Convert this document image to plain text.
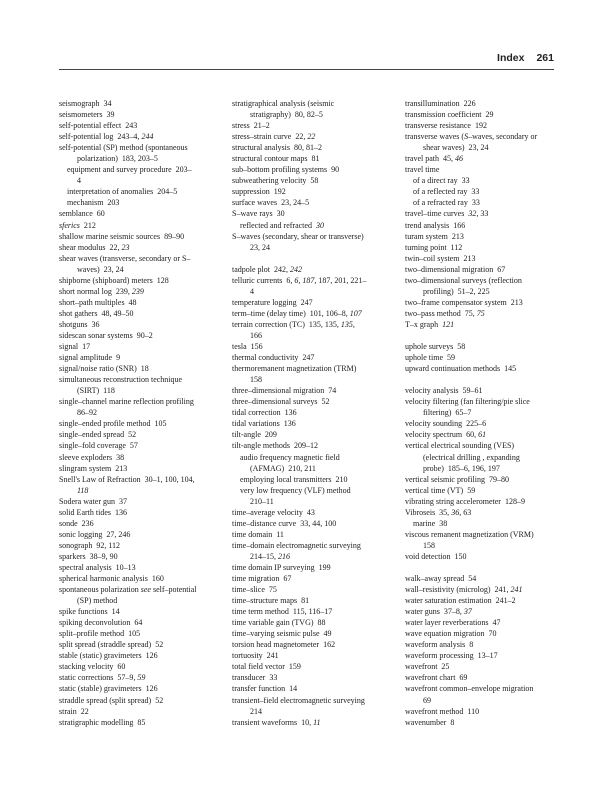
Index 261
seismograph  34
seismometers  39
self-potential effect  243
self-potential log  243–4, 244
self-potential (SP) method (spontaneous
polarization)  183, 203–5
equipment and survey procedure  203–
4
interpretation of anomalies  204–5
mechanism  203
semblance  60
sferics  212
shallow marine seismic sources  89–90
shear modulus  22, 23
shear waves (transverse, secondary or S–
waves)  23, 24
shipborne (shipboard) meters  128
short normal log  239, 239
short–path multiples  48
shot gathers  48, 49–50
shotguns  36
sidescan sonar systems  90–2
signal  17
signal amplitude  9
signal/noise ratio (SNR)  18
simultaneous reconstruction technique
(SIRT)  118
single–channel marine reflection profiling
86–92
single–ended profile method  105
single–ended spread  52
single–fold coverage  57
sleeve exploders  38
slingram system  213
Snell's Law of Refraction  30–1, 100, 104,
118
Sodera water gun  37
solid Earth tides  136
sonde  236
sonic logging  27, 246
sonograph  92, 112
sparkers  38–9, 90
spectral analysis  10–13
spherical harmonic analysis  160
spontaneous polarization see self–potential
(SP) method
spike functions  14
spiking deconvolution  64
split–profile method  105
split spread (straddle spread)  52
stable (static) gravimeters  126
stacking velocity  60
static corrections  57–9, 59
static (stable) gravimeters  126
straddle spread (split spread)  52
strain  22
stratigraphic modelling  85
stratigraphical analysis (seismic
stratigraphy)  80, 82–5
stress  21–2
stress–strain curve  22, 22
structural analysis  80, 81–2
structural contour maps  81
sub–bottom profiling systems  90
subweathering velocity  58
suppression  192
surface waves  23, 24–5
S–wave rays  30
reflected and refracted  30
S–waves (secondary, shear or transverse)
23, 24
tadpole plot  242, 242
telluric currents  6, 6, 187, 187, 201, 221–
4
temperature logging  247
term–time (delay time)  101, 106–8, 107
terrain correction (TC)  135, 135, 135,
166
tesla  156
thermal conductivity  247
thermoremanent magnetization (TRM)
158
three–dimensional migration  74
three–dimensional surveys  52
tidal correction  136
tidal variations  136
tilt-angle  209
tilt-angle methods  209–12
audio frequency magnetic field
(AFMAG)  210, 211
employing local transmitters  210
very low frequency (VLF) method
210–11
time–average velocity  43
time–distance curve  33, 44, 100
time domain  11
time–domain electromagnetic surveying
214–15, 216
time domain IP surveying  199
time migration  67
time–slice  75
time–structure maps  81
time term method  115, 116–17
time variable gain (TVG)  88
time–varying seismic pulse  49
torsion head magnetometer  162
tortuosity  241
total field vector  159
transducer  33
transfer function  14
transient–field electromagnetic surveying
214
transient waveforms  10, 11
transillumination  226
transmission coefficient  29
transverse resistance  192
transverse waves (S–waves, secondary or
shear waves)  23, 24
travel path  45, 46
travel time
of a direct ray  33
of a reflected ray  33
of a refracted ray  33
travel–time curves  32, 33
trend analysis  166
turam system  213
turning point  112
twin–coil system  213
two–dimensional migration  67
two–dimensional surveys (reflection
profiling)  51–2, 225
two–frame compensator system  213
two–pass method  75, 75
T–x graph  121
uphole surveys  58
uphole time  59
upward continuation methods  145
velocity analysis  59–61
velocity filtering (fan filtering/pie slice
filtering)  65–7
velocity sounding  225–6
velocity spectrum  60, 61
vertical electrical sounding (VES)
(electrical drilling , expanding
probe)  185–6, 196, 197
vertical seismic profiling  79–80
vertical time (VT)  59
vibrating string accelerometer  128–9
Vibroseis  35, 36, 63
marine  38
viscous remanent magnetization (VRM)
158
void detection  150
walk–away spread  54
wall–resistivity (microlog)  241, 241
water saturation estimation  241–2
water guns  37–8, 37
water layer reverberations  47
wave equation migration  70
waveform analysis  8
waveform processing  13–17
wavefront  25
wavefront chart  69
wavefront common–envelope migration
69
wavefront method  110
wavenumber  8
